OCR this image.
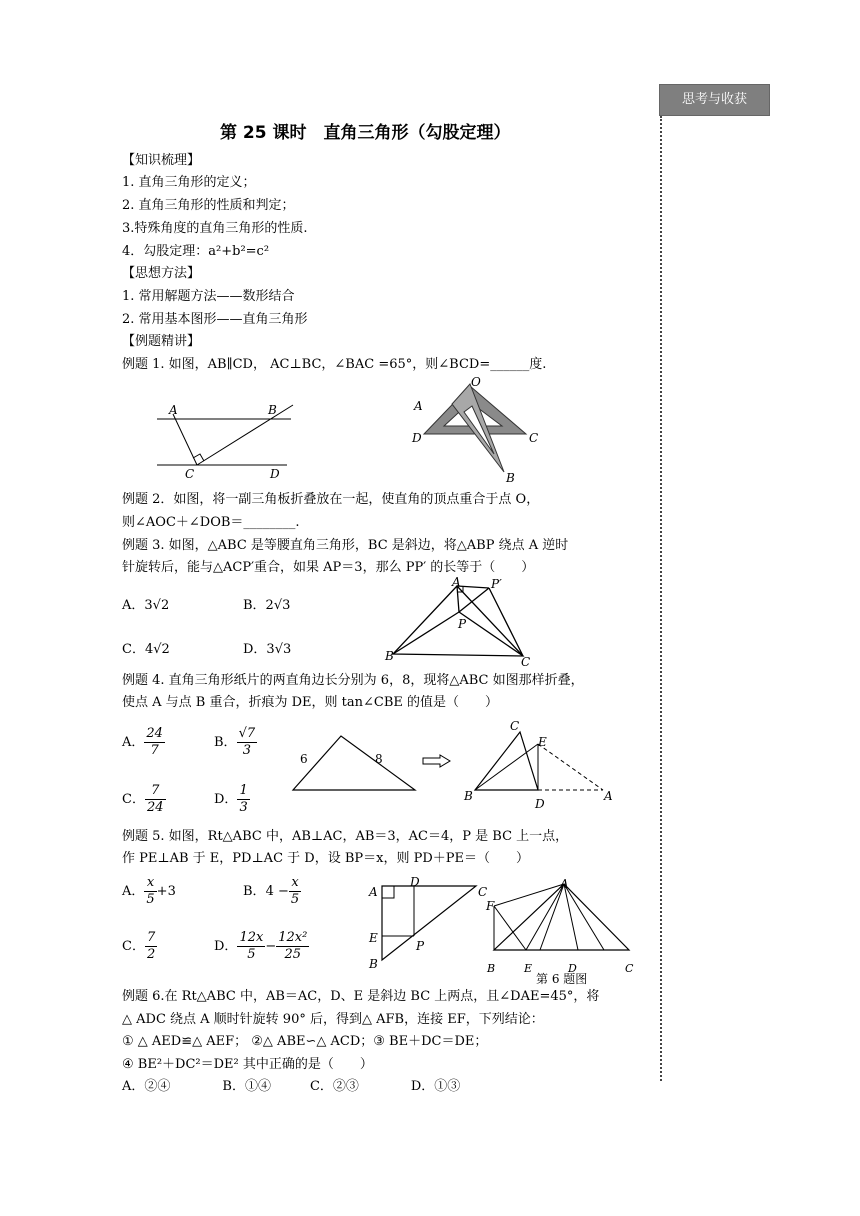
思考与收获
第 25 课时　直角三角形（勾股定理）
【知识梳理】
1. 直角三角形的定义；
2. 直角三角形的性质和判定；
3.特殊角度的直角三角形的性质.
4．勾股定理：a²+b²=c²
【思想方法】
1. 常用解题方法——数形结合
2. 常用基本图形——直角三角形
【例题精讲】
例题 1. 如图，AB∥CD， AC⊥BC，∠BAC =65°，则∠BCD=______度.
A	B
C	D
O
A
D	C
B
例题 2．如图，将一副三角板折叠放在一起，使直角的顶点重合于点 O，
则∠AOC＋∠DOB＝________.
例题 3. 如图，△ABC 是等腰直角三角形，BC 是斜边，将△ABP 绕点 A 逆时
针旋转后，能与△ACP′重合，如果 AP＝3，那么 PP′ 的长等于（　　）
A．3√2	B．2√3
C．4√2	D．3√3
A	P′
P
B	C
例题 4. 直角三角形纸片的两直角边长分别为 6，8，现将△ABC 如图那样折叠，
使点 A 与点 B 重合，折痕为 DE，则 tan∠CBE 的值是（　　）
A． $\frac{24}{7}$	B． $\frac{√7}{3}$
C． $\frac{7}{24}$	D． $\frac{1}{3}$
6	8
C
E
B
D
A
例题 5. 如图，Rt△ABC 中，AB⊥AC，AB＝3，AC＝4，P 是 BC 上一点，
作 PE⊥AB 于 E，PD⊥AC 于 D，设 BP＝x，则 PD＋PE＝（　　）
A． $\frac{x}{5} +3$	B．$4 - \frac{x}{5}$
C． $\frac{7}{2}$	D． $\frac{12x}{5} - \frac{\text{12x²}}{25}$
A
D
C
E
P
B
A
F
B	E	D	C
第 6 题图
例题 6.在 Rt△ABC 中，AB＝AC，D、E 是斜边 BC 上两点，且∠DAE=45°，将
△ ADC 绕点 A 顺时针旋转 90° 后，得到△ AFB，连接 EF，下列结论：
① △ AED≌△ AEF； ②△ ABE∽△ ACD；③ BE＋DC＝DE；
④ BE²＋DC²＝DE² 其中正确的是（　　）
A．②④　　　　B．①④　　　C．②③　　　　D．①③
